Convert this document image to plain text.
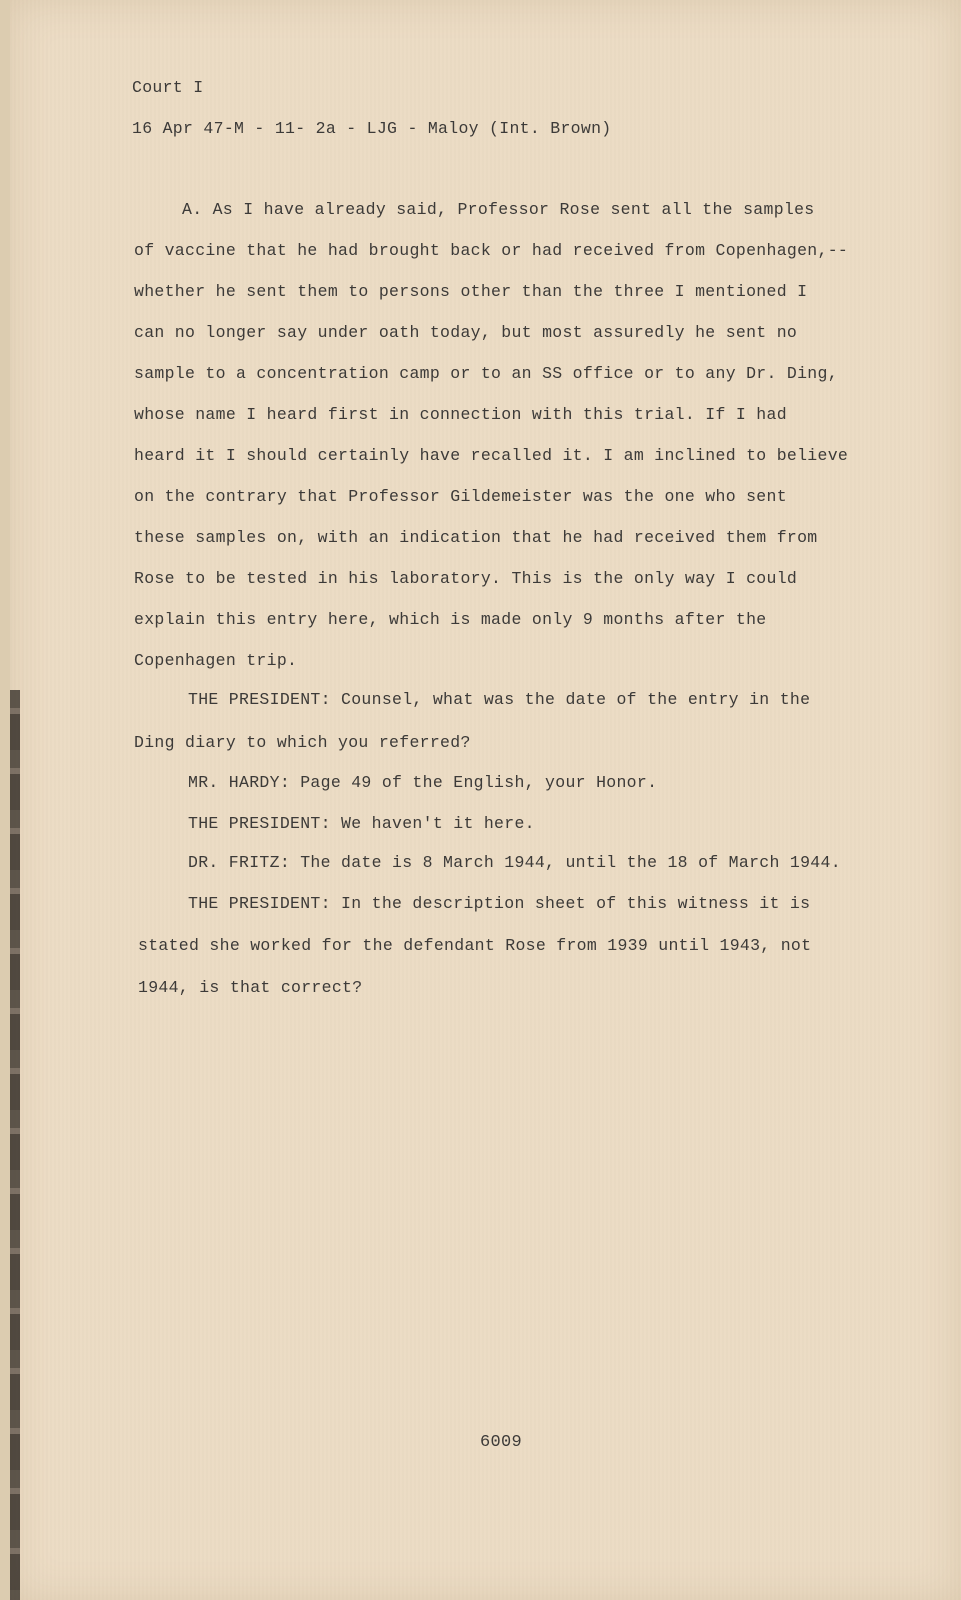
Court I
16 Apr 47-M - 11- 2a - LJG - Maloy (Int. Brown)
A. As I have already said, Professor Rose sent all the samples
of vaccine that he had brought back or had received from Copenhagen,--
whether he sent them to persons other than the three I mentioned I
can no longer say under oath today, but most assuredly he sent no
sample to a concentration camp or to an SS office or to any Dr. Ding,
whose name I heard first in connection with this trial. If I had
heard it I should certainly have recalled it. I am inclined to believe
on the contrary that Professor Gildemeister was the one who sent
these samples on, with an indication that he had received them from
Rose to be tested in his laboratory. This is the only way I could
explain this entry here, which is made only 9 months after the
Copenhagen trip.
THE PRESIDENT: Counsel, what was the date of the entry in the
Ding diary to which you referred?
MR. HARDY: Page 49 of the English, your Honor.
THE PRESIDENT: We haven't it here.
DR. FRITZ: The date is 8 March 1944, until the 18 of March 1944.
THE PRESIDENT: In the description sheet of this witness it is
stated she worked for the defendant Rose from 1939 until 1943, not
1944, is that correct?
6009
